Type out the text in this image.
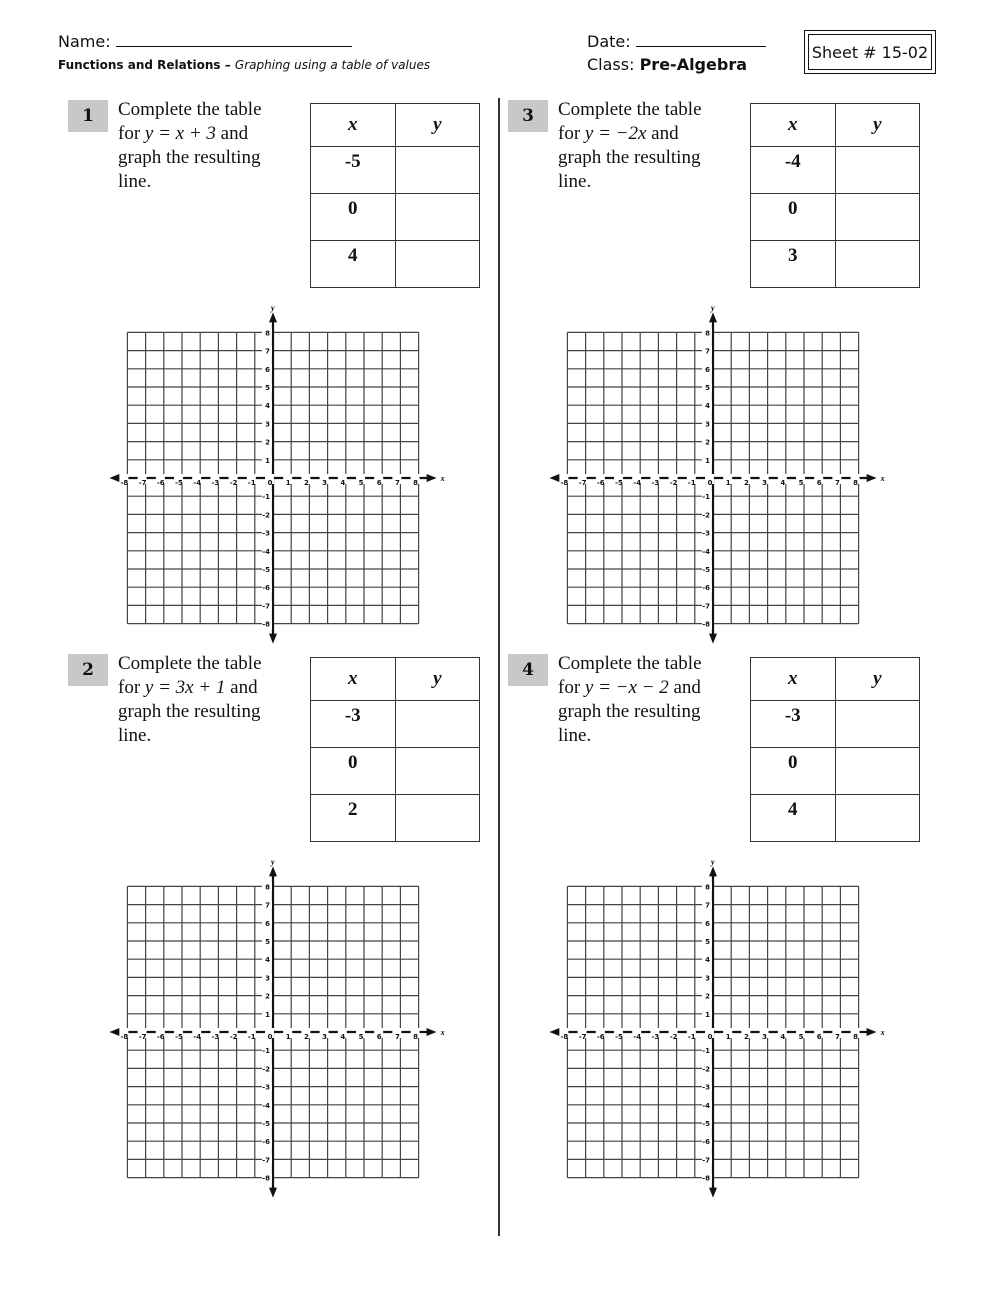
Name:
Functions and Relations – Graphing using a table of values
Date:
Class: Pre-Algebra
Sheet # 15-02
1	Complete the table
for y = x + 3 and
graph the resulting
line.
x	y
-5	
0	
4	
3	Complete the table
for y = −2x and
graph the resulting
line.
x	y
-4	
0	
3	
2	Complete the table
for y = 3x + 1 and
graph the resulting
line.
x	y
-3	
0	
2	
4	Complete the table
for y = −x − 2 and
graph the resulting
line.
x	y
-3	
0	
4	
x
y
-8 -7 -6 -5 -4 -3 -2 -1 0 1 2 3 4 5 6 7 8
8
7
6
5
4
3
2
1
-1
-2
-3
-4
-5
-6
-7
-8
x
y
-8 -7 -6 -5 -4 -3 -2 -1 0 1 2 3 4 5 6 7 8
8
7
6
5
4
3
2
1
-1
-2
-3
-4
-5
-6
-7
-8
x
y
-8 -7 -6 -5 -4 -3 -2 -1 0 1 2 3 4 5 6 7 8
8
7
6
5
4
3
2
1
-1
-2
-3
-4
-5
-6
-7
-8
x
y
-8 -7 -6 -5 -4 -3 -2 -1 0 1 2 3 4 5 6 7 8
8
7
6
5
4
3
2
1
-1
-2
-3
-4
-5
-6
-7
-8
